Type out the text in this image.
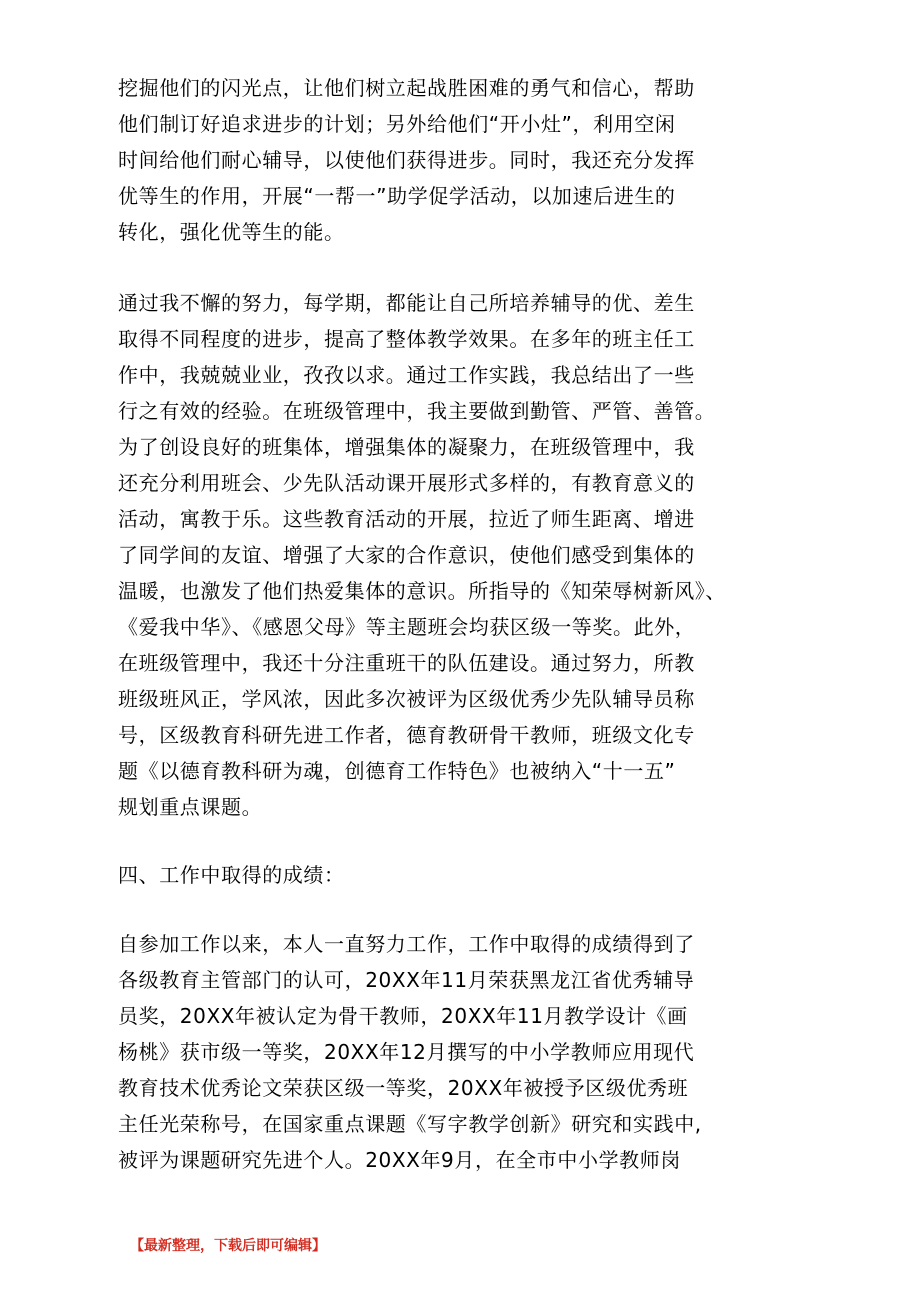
挖掘他们的闪光点，让他们树立起战胜困难的勇气和信心，帮助
他们制订好追求进步的计划；另外给他们“开小灶”，利用空闲
时间给他们耐心辅导，以使他们获得进步。同时，我还充分发挥
优等生的作用，开展“一帮一”助学促学活动，以加速后进生的
转化，强化优等生的能。
通过我不懈的努力，每学期，都能让自己所培养辅导的优、差生
取得不同程度的进步，提高了整体教学效果。在多年的班主任工
作中，我兢兢业业，孜孜以求。通过工作实践，我总结出了一些
行之有效的经验。在班级管理中，我主要做到勤管、严管、善管。
为了创设良好的班集体，增强集体的凝聚力，在班级管理中，我
还充分利用班会、少先队活动课开展形式多样的，有教育意义的
活动，寓教于乐。这些教育活动的开展，拉近了师生距离、增进
了同学间的友谊、增强了大家的合作意识，使他们感受到集体的
温暖，也激发了他们热爱集体的意识。所指导的《知荣辱树新风》、
《爱我中华》、《感恩父母》等主题班会均获区级一等奖。此外，
在班级管理中，我还十分注重班干的队伍建设。通过努力，所教
班级班风正，学风浓，因此多次被评为区级优秀少先队辅导员称
号，区级教育科研先进工作者，德育教研骨干教师，班级文化专
题《以德育教科研为魂，创德育工作特色》也被纳入“十一五”
规划重点课题。
四、工作中取得的成绩：
自参加工作以来，本人一直努力工作，工作中取得的成绩得到了
各级教育主管部门的认可，20XX年11月荣获黑龙江省优秀辅导
员奖，20XX年被认定为骨干教师，20XX年11月教学设计《画
杨桃》获市级一等奖，20XX年12月撰写的中小学教师应用现代
教育技术优秀论文荣获区级一等奖，20XX年被授予区级优秀班
主任光荣称号，在国家重点课题《写字教学创新》研究和实践中,
被评为课题研究先进个人。20XX年9月，在全市中小学教师岗
【最新整理，下载后即可编辑】
